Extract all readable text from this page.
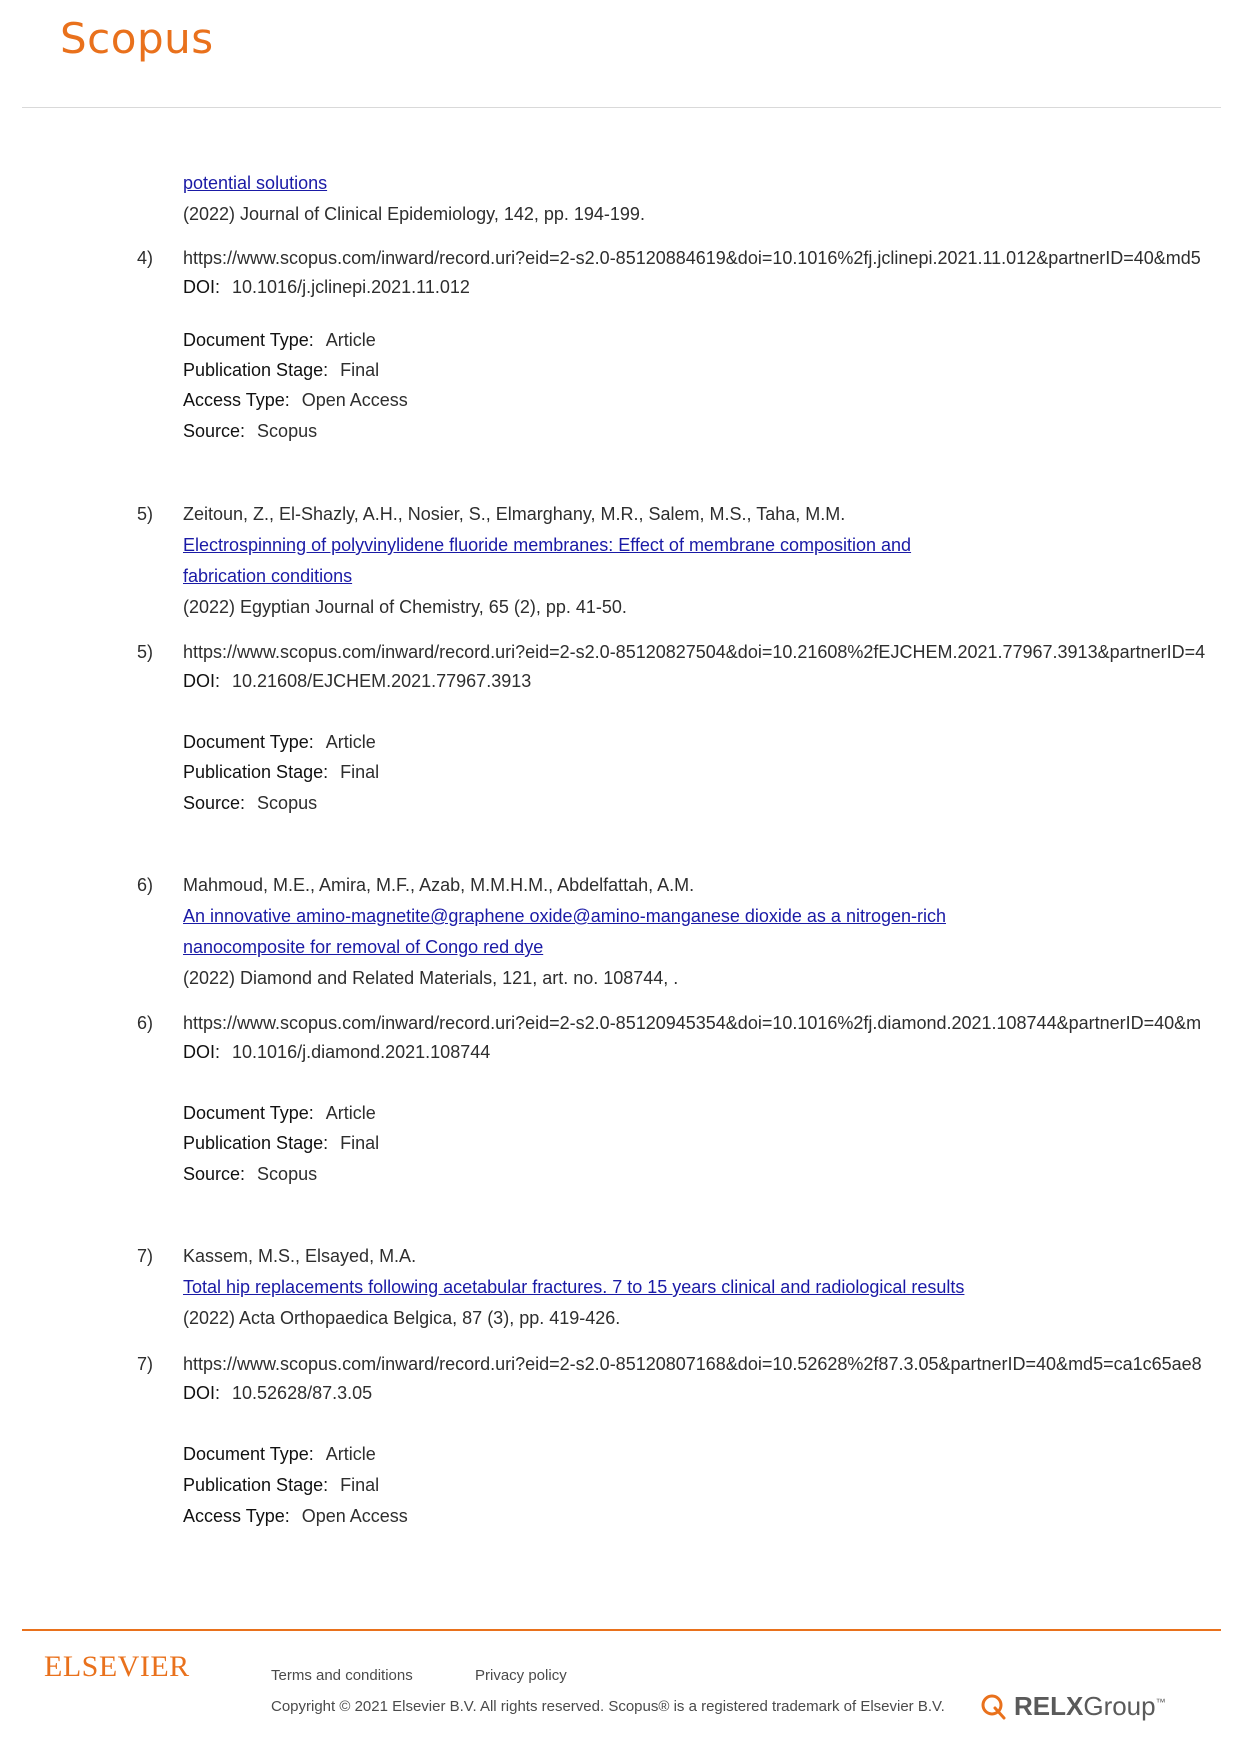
Scopus
potential solutions
(2022) Journal of Clinical Epidemiology, 142, pp. 194-199.
4) https://www.scopus.com/inward/record.uri?eid=2-s2.0-85120884619&doi=10.1016%2fj.jclinepi.2021.11.012&partnerID=40&md5
DOI: 10.1016/j.jclinepi.2021.11.012
Document Type: Article
Publication Stage: Final
Access Type: Open Access
Source: Scopus
5) Zeitoun, Z., El-Shazly, A.H., Nosier, S., Elmarghany, M.R., Salem, M.S., Taha, M.M.
Electrospinning of polyvinylidene fluoride membranes: Effect of membrane composition and
fabrication conditions
(2022) Egyptian Journal of Chemistry, 65 (2), pp. 41-50.
5) https://www.scopus.com/inward/record.uri?eid=2-s2.0-85120827504&doi=10.21608%2fEJCHEM.2021.77967.3913&partnerID=4
DOI: 10.21608/EJCHEM.2021.77967.3913
Document Type: Article
Publication Stage: Final
Source: Scopus
6) Mahmoud, M.E., Amira, M.F., Azab, M.M.H.M., Abdelfattah, A.M.
An innovative amino-magnetite@graphene oxide@amino-manganese dioxide as a nitrogen-rich
nanocomposite for removal of Congo red dye
(2022) Diamond and Related Materials, 121, art. no. 108744, .
6) https://www.scopus.com/inward/record.uri?eid=2-s2.0-85120945354&doi=10.1016%2fj.diamond.2021.108744&partnerID=40&m
DOI: 10.1016/j.diamond.2021.108744
Document Type: Article
Publication Stage: Final
Source: Scopus
7) Kassem, M.S., Elsayed, M.A.
Total hip replacements following acetabular fractures. 7 to 15 years clinical and radiological results
(2022) Acta Orthopaedica Belgica, 87 (3), pp. 419-426.
7) https://www.scopus.com/inward/record.uri?eid=2-s2.0-85120807168&doi=10.52628%2f87.3.05&partnerID=40&md5=ca1c65ae8
DOI: 10.52628/87.3.05
Document Type: Article
Publication Stage: Final
Access Type: Open Access
ELSEVIER	Terms and conditions	Privacy policy
Copyright © 2021 Elsevier B.V. All rights reserved. Scopus® is a registered trademark of Elsevier B.V.	RELXGroup™
